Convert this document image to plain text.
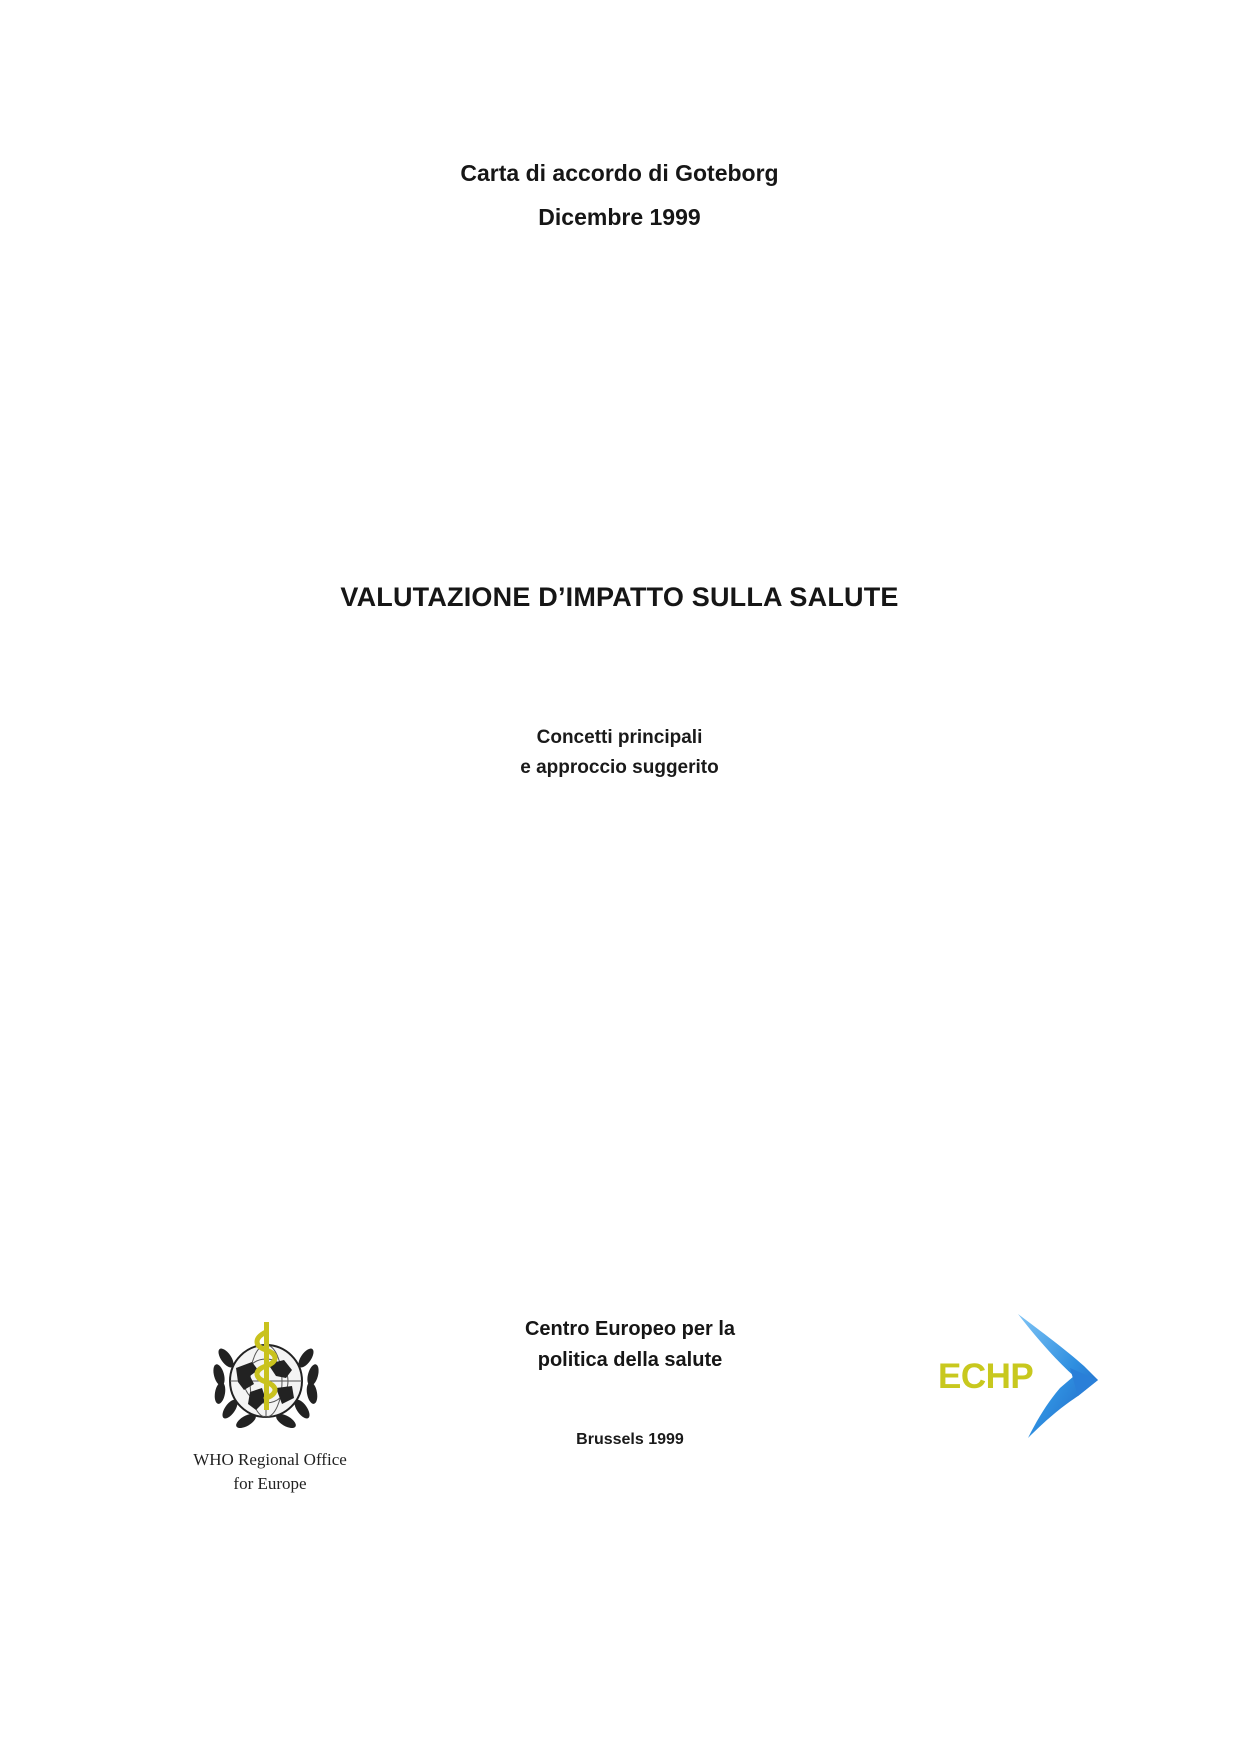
Carta di accordo di Goteborg
Dicembre 1999
VALUTAZIONE D’IMPATTO SULLA SALUTE
Concetti principali
e approccio suggerito
WHO Regional Office
for Europe
Centro Europeo per la
politica della salute
Brussels 1999
ECHP
